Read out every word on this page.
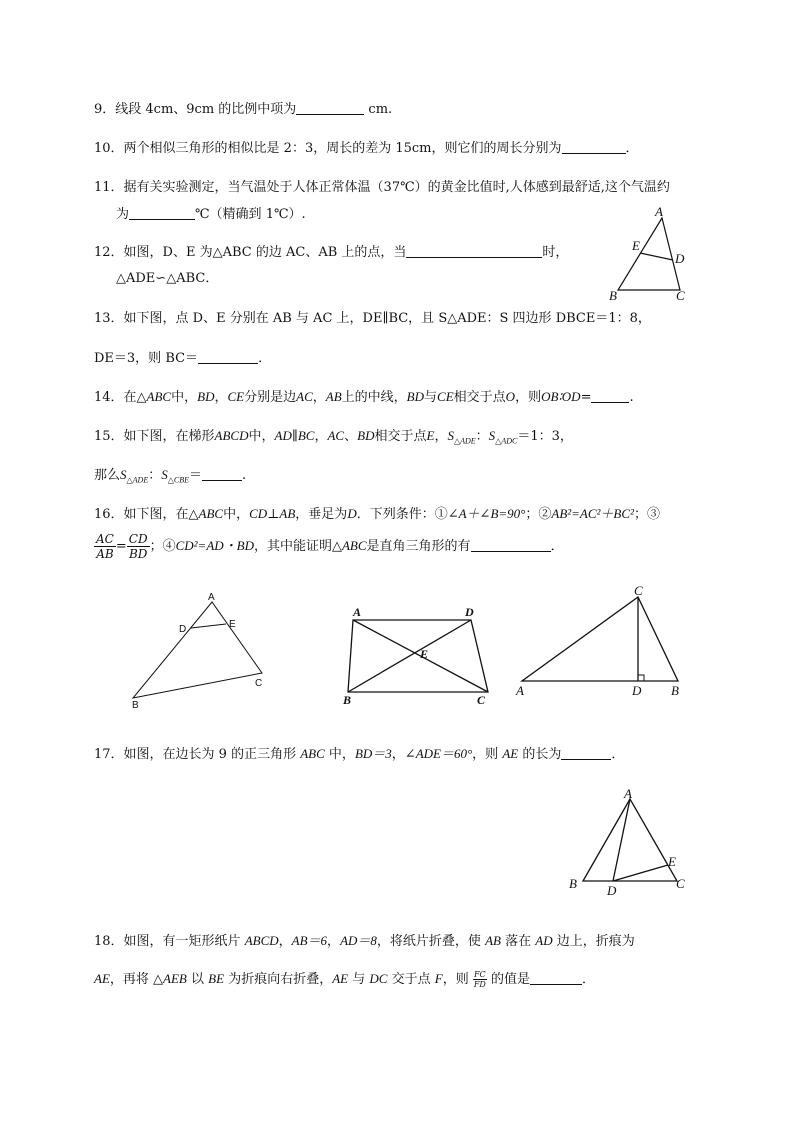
9．线段 4cm、9cm 的比例中项为	cm.
10．两个相似三角形的相似比是 2：3，周长的差为 15cm，则它们的周长分别为	．
11．据有关实验测定，当气温处于人体正常体温（37℃）的黄金比值时,人体感到最舒适,这个气温约
为	℃（精确到 1℃）.
12．如图，D、E 为△ABC 的边 AC、AB 上的点，当	时，
△ADE∽△ABC．
A
E
D
B	C
13．如下图，点 D、E 分别在 AB 与 AC 上，DE∥BC，且 S△ADE：S 四边形 DBCE＝1：8，
DE＝3，则 BC＝	．
14．在△ABC中，BD，CE分别是边AC，AB上的中线，BD与CE相交于点O，则OB∶OD=	.
15．如下图，在梯形ABCD中，AD∥BC，AC、BD相交于点E，$S_{\triangle ADE}$：$S_{\triangle ADC}=1$：3，
那么$S_{\triangle ADE}$：$S_{\triangle CBE}=$	.
16．如下图，在△ABC中，CD⊥AB，垂足为D．下列条件：①∠A＋∠B=90°；②AB²=AC²＋BC²；③
$\frac{AC}{AB} = \frac{CD}{BD}$ ；④CD²=AD・BD，其中能证明△ABC是直角三角形的有	．
A
D	E
B
C
A	D
E
B	C
C
A	D B
17．如图，在边长为 9 的正三角形 ABC 中，BD＝3，∠ADE＝60°，则 AE 的长为	．
A
E
B D	C
18．如图，有一矩形纸片 ABCD，AB＝6，AD＝8，将纸片折叠，使 AB 落在 AD 边上，折痕为
AE，再将 △AEB 以 BE 为折痕向右折叠，AE 与 DC 交于点 F，则 $\frac{FC}{FD}$ 的值是	．
